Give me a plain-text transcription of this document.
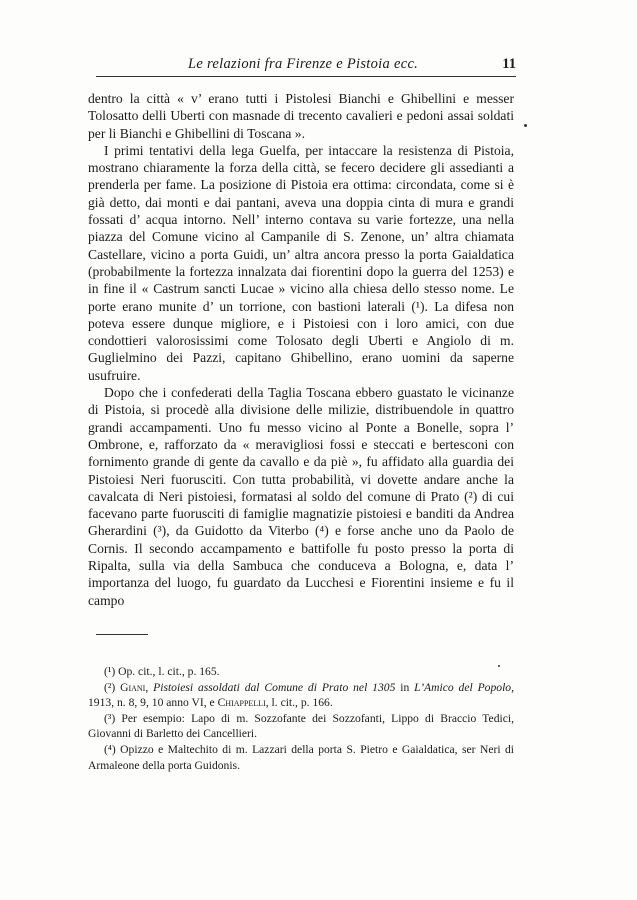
Le relazioni fra Firenze e Pistoia ecc.	11

dentro la città « v’ erano tutti i Pistolesi Bianchi e Ghibellini e messer Tolosatto delli Uberti con masnade di trecento cavalieri e pedoni assai soldati per li Bianchi e Ghibellini di Toscana ».

I primi tentativi della lega Guelfa, per intaccare la resistenza di Pistoia, mostrano chiaramente la forza della città, se fecero decidere gli assedianti a prenderla per fame. La posizione di Pistoia era ottima: circondata, come si è già detto, dai monti e dai pantani, aveva una doppia cinta di mura e grandi fossati d’ acqua intorno. Nell’ interno contava su varie fortezze, una nella piazza del Comune vicino al Campanile di S. Zenone, un’ altra chiamata Castellare, vicino a porta Guidi, un’ altra ancora presso la porta Gaialdatica (probabilmente la fortezza innalzata dai fiorentini dopo la guerra del 1253) e in fine il « Castrum sancti Lucae » vicino alla chiesa dello stesso nome. Le porte erano munite d’ un torrione, con bastioni laterali (¹). La difesa non poteva essere dunque migliore, e i Pistoiesi con i loro amici, con due condottieri valorosissimi come Tolosato degli Uberti e Angiolo di m. Guglielmino dei Pazzi, capitano Ghibellino, erano uomini da saperne usufruire.

Dopo che i confederati della Taglia Toscana ebbero guastato le vicinanze di Pistoia, si procedè alla divisione delle milizie, distribuendole in quattro grandi accampamenti. Uno fu messo vicino al Ponte a Bonelle, sopra l’ Ombrone, e, rafforzato da « meravigliosi fossi e steccati e bertesconi con fornimento grande di gente da cavallo e da piè », fu affidato alla guardia dei Pistoiesi Neri fuorusciti. Con tutta probabilità, vi dovette andare anche la cavalcata di Neri pistoiesi, formatasi al soldo del comune di Prato (²) di cui facevano parte fuorusciti di famiglie magnatizie pistoiesi e banditi da Andrea Gherardini (³), da Guidotto da Viterbo (⁴) e forse anche uno da Paolo de Cornis. Il secondo accampamento e battifolle fu posto presso la porta di Ripalta, sulla via della Sambuca che conduceva a Bologna, e, data l’ importanza del luogo, fu guardato da Lucchesi e Fiorentini insieme e fu il campo

(¹) Op. cit., l. cit., p. 165.

(²) Giani, Pistoiesi assoldati dal Comune di Prato nel 1305 in L’Amico del Popolo, 1913, n. 8, 9, 10 anno VI, e Chiappelli, l. cit., p. 166.

(³) Per esempio: Lapo di m. Sozzofante dei Sozzofanti, Lippo di Braccio Tedici, Giovanni di Barletto dei Cancellieri.

(⁴) Opizzo e Maltechito di m. Lazzari della porta S. Pietro e Gaialdatica, ser Neri di Armaleone della porta Guidonis.
